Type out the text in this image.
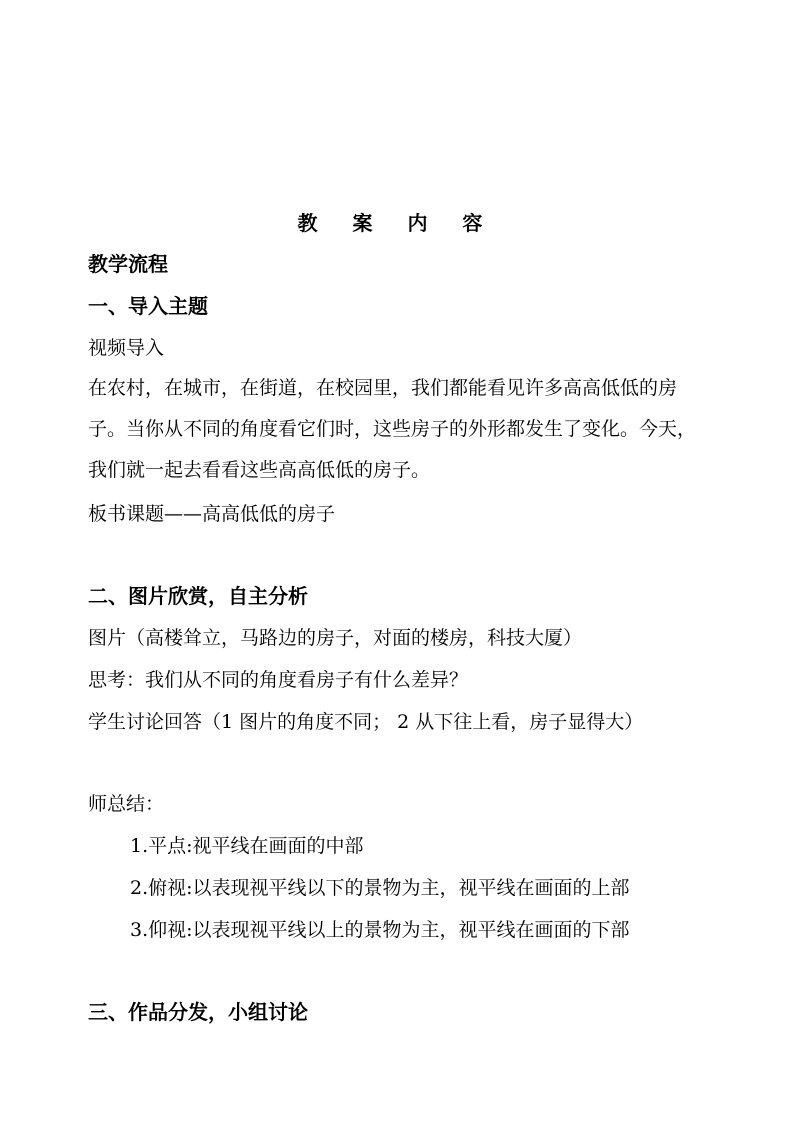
教 案 内 容
教学流程
一、导入主题
视频导入
在农村，在城市，在街道，在校园里，我们都能看见许多高高低低的房子。当你从不同的角度看它们时，这些房子的外形都发生了变化。今天，我们就一起去看看这些高高低低的房子。
板书课题——高高低低的房子
二、图片欣赏，自主分析
图片（高楼耸立，马路边的房子，对面的楼房，科技大厦）
思考：我们从不同的角度看房子有什么差异？
学生讨论回答（1 图片的角度不同； 2 从下往上看，房子显得大）
师总结：
1.平点:视平线在画面的中部
2.俯视:以表现视平线以下的景物为主，视平线在画面的上部
3.仰视:以表现视平线以上的景物为主，视平线在画面的下部
三、作品分发，小组讨论
